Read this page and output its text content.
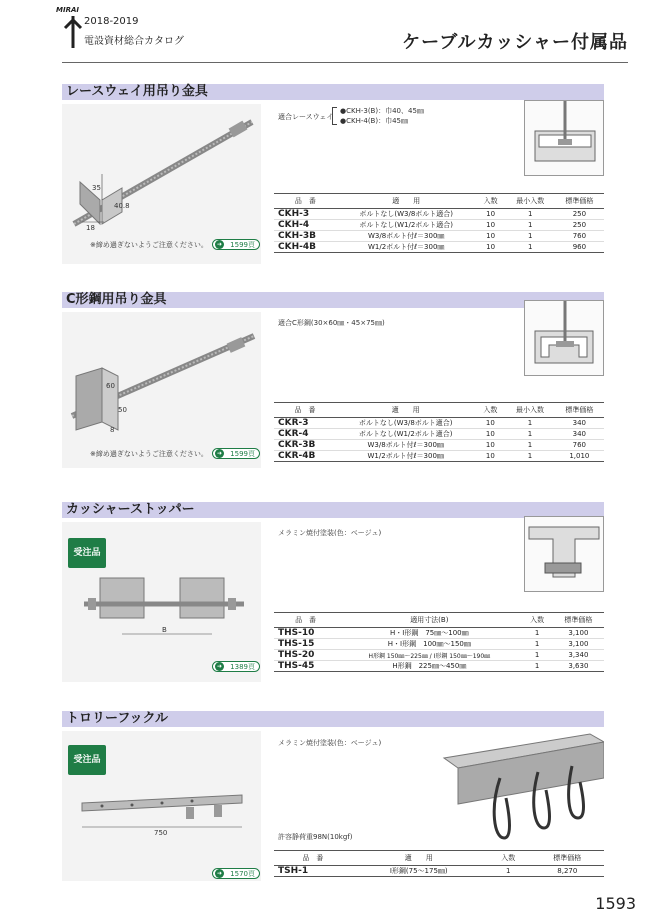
MIRAI
2018-2019
電設資材総合カタログ	ケーブルカッシャー付属品
レースウェイ用吊り金具
35
40.8
18
※締め過ぎないようご注意ください。	➜ 1599頁
適合レースウェイ
●CKH-3(B)：巾40、45㎜
●CKH-4(B)：巾45㎜
品　番	適　　用	入数	最小入数	標準価格
CKH-3	ボルトなし(W3/8ボルト適合)	10	1	250
CKH-4	ボルトなし(W1/2ボルト適合)	10	1	250
CKH-3B	W3/8ボルト付ℓ＝300㎜	10	1	760
CKH-4B	W1/2ボルト付ℓ＝300㎜	10	1	960
C形鋼用吊り金具
60
50
8
※締め過ぎないようご注意ください。	➜ 1599頁
適合C形鋼(30×60㎜・45×75㎜)
品　番	適　　用	入数	最小入数	標準価格
CKR-3	ボルトなし(W3/8ボルト適合)	10	1	340
CKR-4	ボルトなし(W1/2ボルト適合)	10	1	340
CKR-3B	W3/8ボルト付ℓ＝300㎜	10	1	760
CKR-4B	W1/2ボルト付ℓ＝300㎜	10	1	1,010
カッシャーストッパー
B
受注品
➜ 1389頁
メラミン焼付塗装(色：ベージュ)
品　番	適用寸法(B)	入数	標準価格
THS-10	H・I形鋼　75㎜～100㎜	1	3,100
THS-15	H・I形鋼　100㎜～150㎜	1	3,100
THS-20	H形鋼 150㎜～225㎜ / I形鋼 150㎜～190㎜	1	3,340
THS-45	H形鋼　225㎜～450㎜	1	3,630
トロリーフックル
750
受注品
➜ 1570頁
メラミン焼付塗装(色：ベージュ)
許容静荷重98N(10kgf)
品　番	適　　用	入数	標準価格
TSH-1	I形鋼(75～175㎜)	1	8,270
1593
